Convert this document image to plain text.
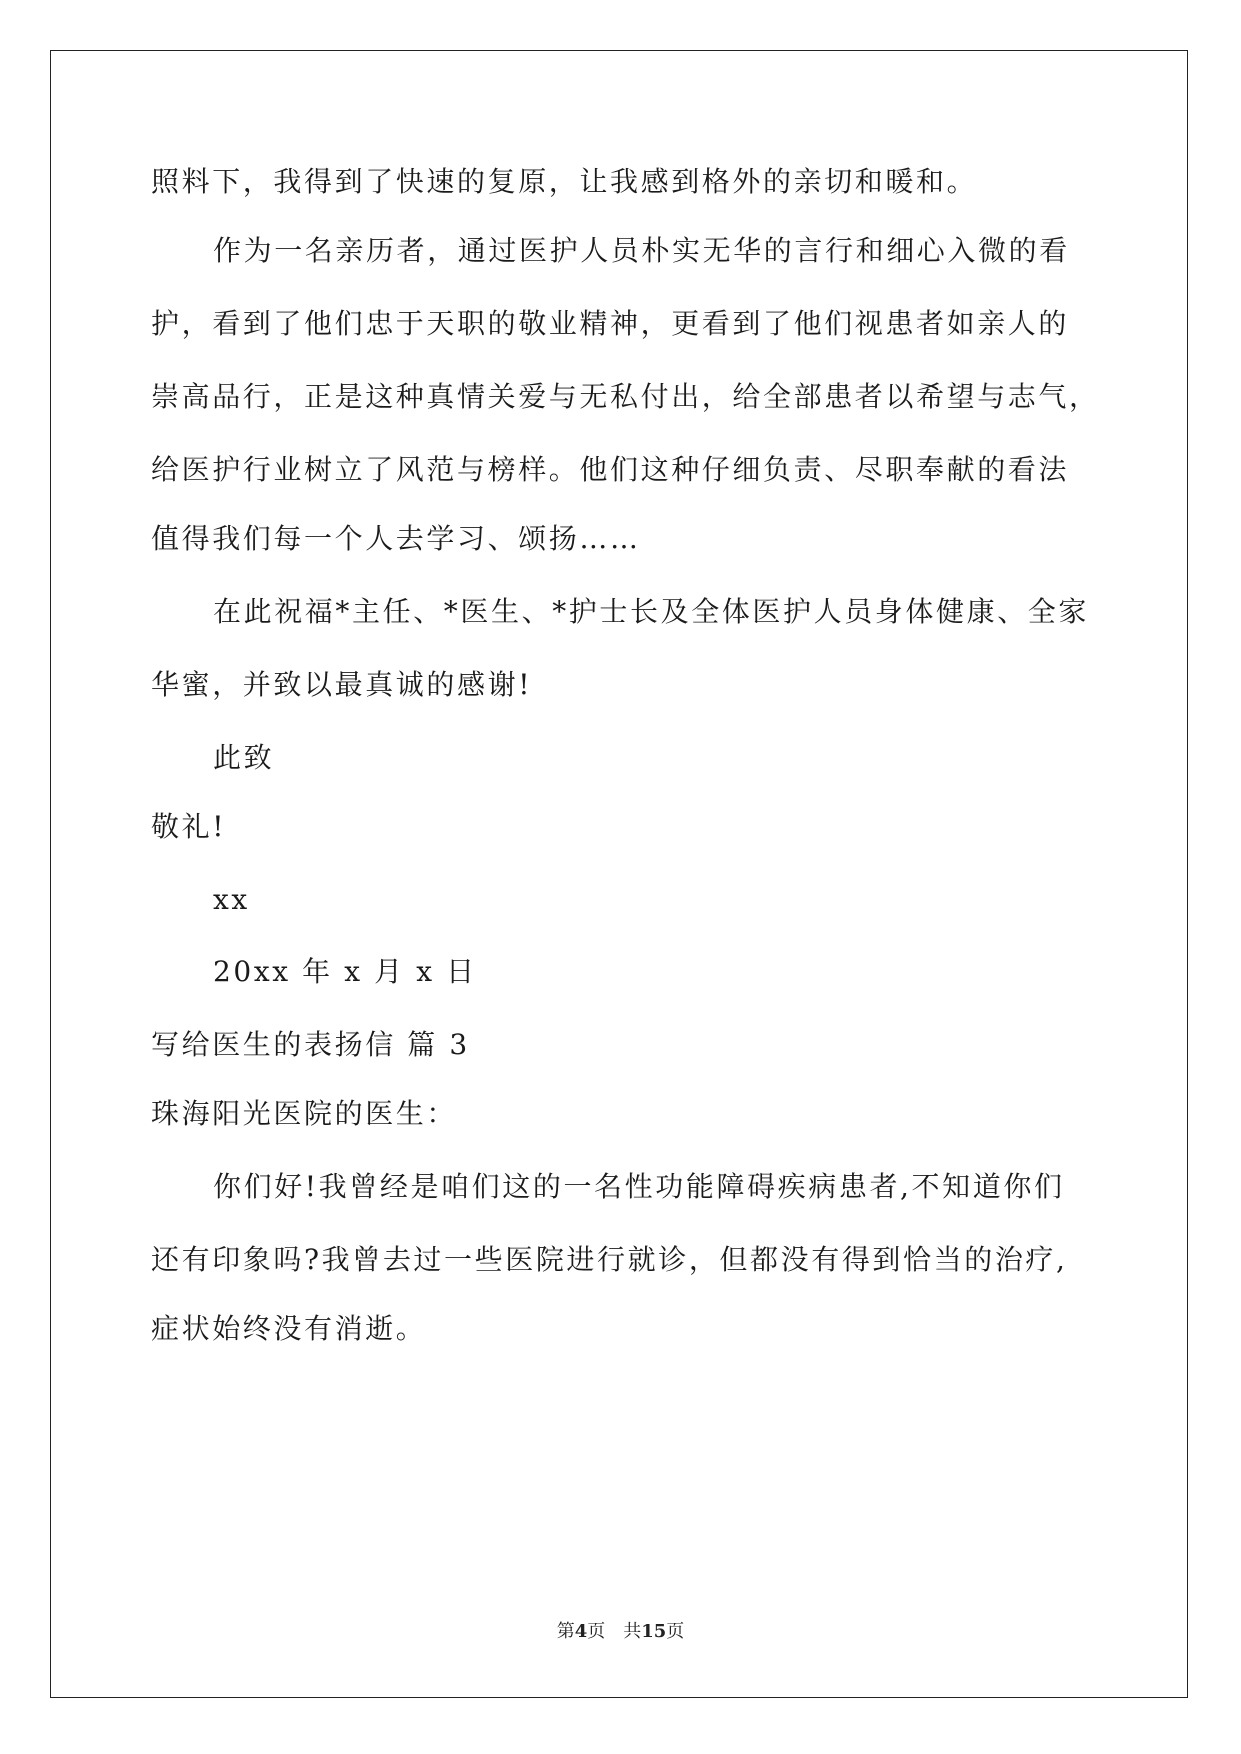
照料下，我得到了快速的复原，让我感到格外的亲切和暖和。
作为一名亲历者，通过医护人员朴实无华的言行和细心入微的看
护，看到了他们忠于天职的敬业精神，更看到了他们视患者如亲人的
崇高品行，正是这种真情关爱与无私付出，给全部患者以希望与志气，
给医护行业树立了风范与榜样。他们这种仔细负责、尽职奉献的看法
值得我们每一个人去学习、颂扬……
在此祝福*主任、*医生、*护士长及全体医护人员身体健康、全家
华蜜，并致以最真诚的感谢!
此致
敬礼!
xx
20xx 年 x 月 x 日
写给医生的表扬信 篇 3
珠海阳光医院的医生：
你们好!我曾经是咱们这的一名性功能障碍疾病患者,不知道你们
还有印象吗?我曾去过一些医院进行就诊，但都没有得到恰当的治疗,
症状始终没有消逝。
第4页 共15页
